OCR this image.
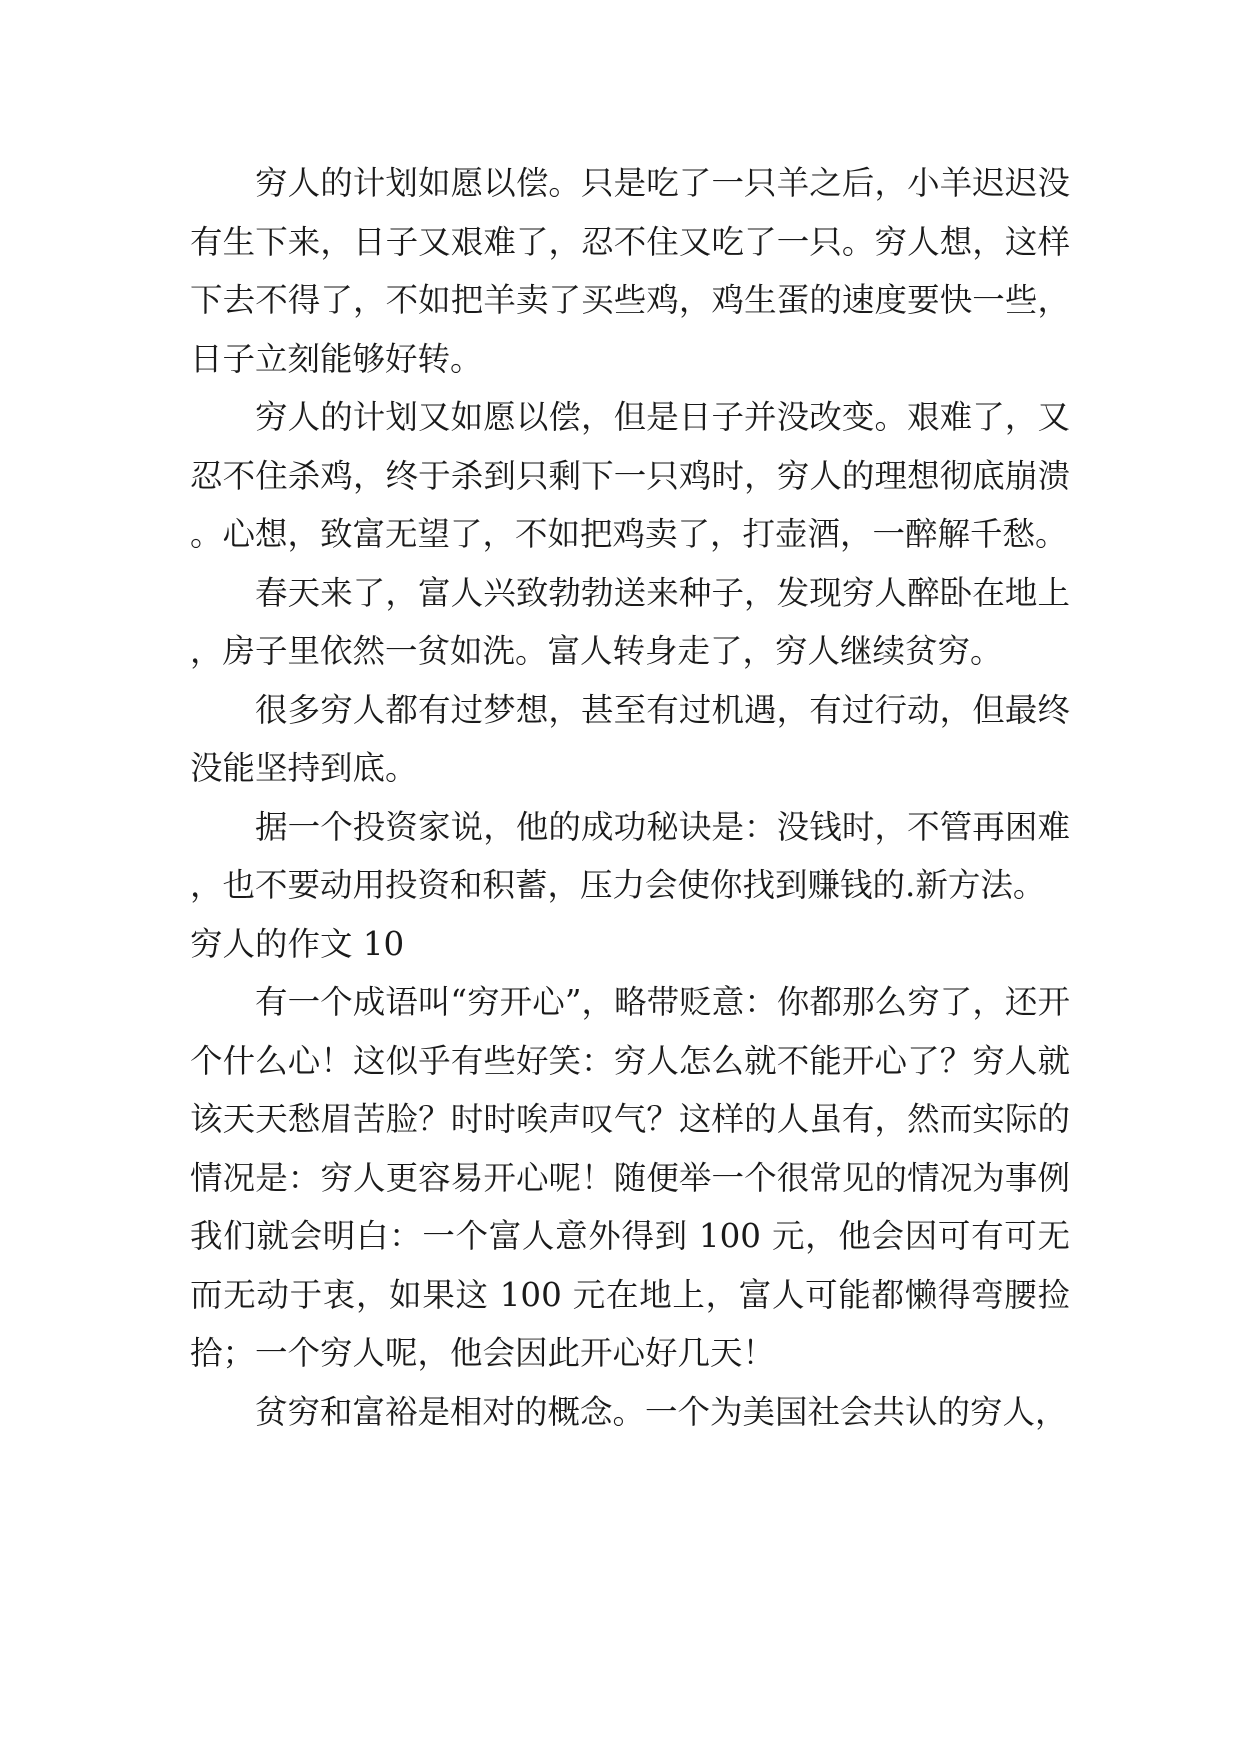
穷人的计划如愿以偿。只是吃了一只羊之后，小羊迟迟没有生下来，日子又艰难了，忍不住又吃了一只。穷人想，这样下去不得了，不如把羊卖了买些鸡，鸡生蛋的速度要快一些，日子立刻能够好转。

穷人的计划又如愿以偿，但是日子并没改变。艰难了，又忍不住杀鸡，终于杀到只剩下一只鸡时，穷人的理想彻底崩溃。心想，致富无望了，不如把鸡卖了，打壶酒，一醉解千愁。

春天来了，富人兴致勃勃送来种子，发现穷人醉卧在地上，房子里依然一贫如洗。富人转身走了，穷人继续贫穷。

很多穷人都有过梦想，甚至有过机遇，有过行动，但最终没能坚持到底。

据一个投资家说，他的成功秘诀是：没钱时，不管再困难，也不要动用投资和积蓄，压力会使你找到赚钱的.新方法。

穷人的作文 10

有一个成语叫“穷开心”，略带贬意：你都那么穷了，还开个什么心！这似乎有些好笑：穷人怎么就不能开心了？穷人就该天天愁眉苦脸？时时唉声叹气？这样的人虽有，然而实际的情况是：穷人更容易开心呢！随便举一个很常见的情况为事例我们就会明白：一个富人意外得到 100 元，他会因可有可无而无动于衷，如果这 100 元在地上，富人可能都懒得弯腰捡拾；一个穷人呢，他会因此开心好几天！

贫穷和富裕是相对的概念。一个为美国社会共认的穷人，
